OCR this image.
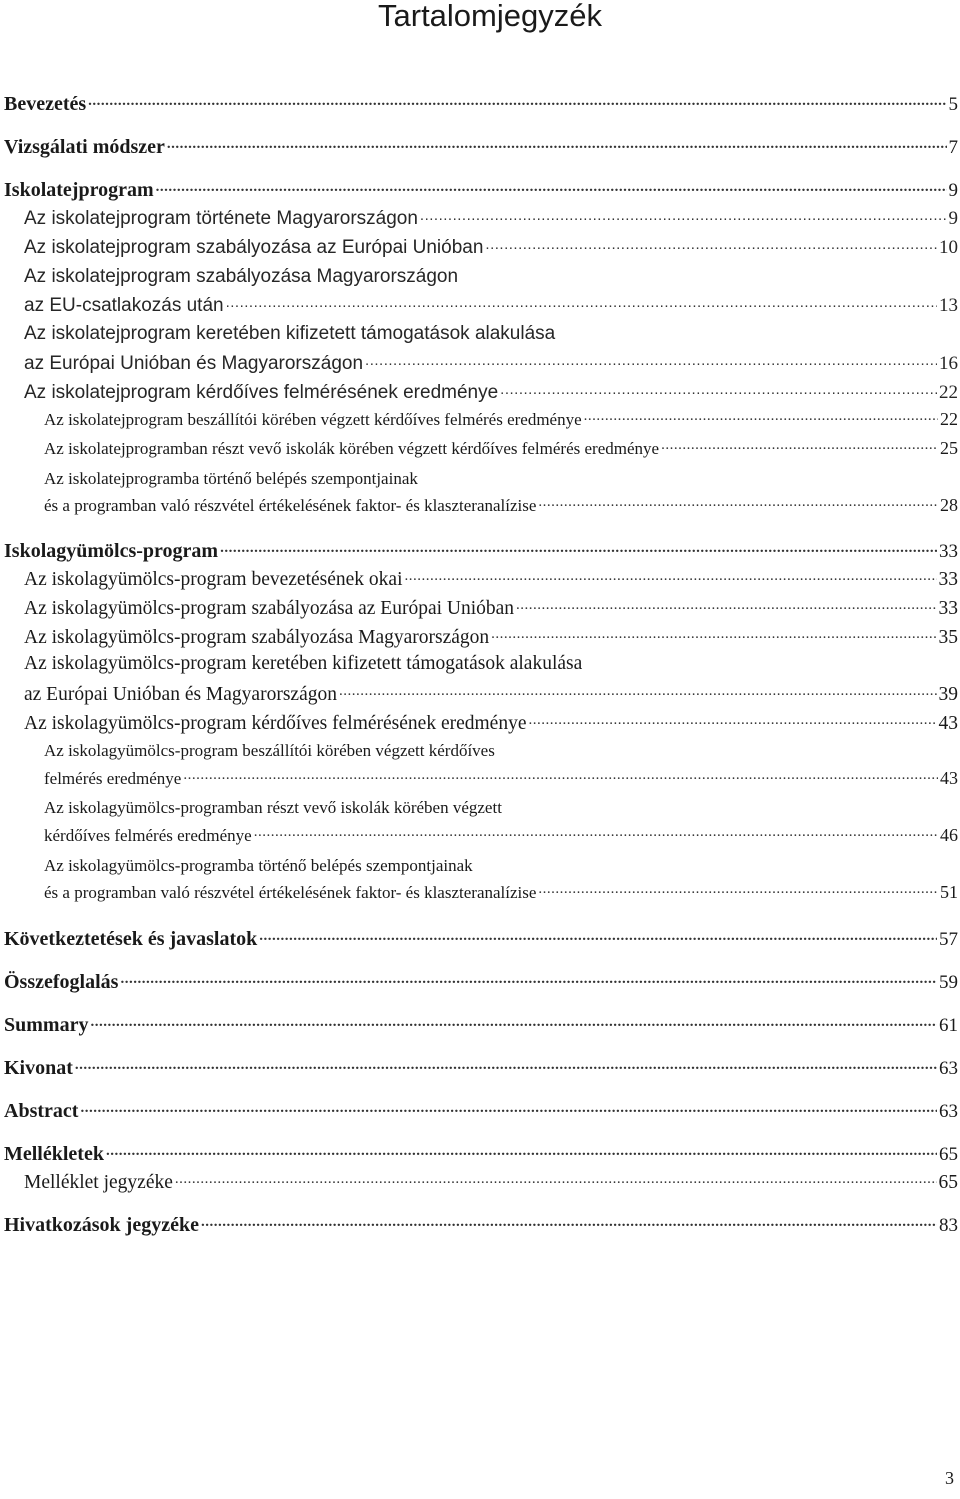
Tartalomjegyzék
Bevezetés .....	5
Vizsgálati módszer .....	7
Iskolatejprogram .....	9
Az iskolatejprogram története Magyarországon .....	9
Az iskolatejprogram szabályozása az Európai Unióban .....	10
Az iskolatejprogram szabályozása Magyarországon
az EU-csatlakozás után .....	13
Az iskolatejprogram keretében kifizetett támogatások alakulása
az Európai Unióban és Magyarországon .....	16
Az iskolatejprogram kérdőíves felmérésének eredménye .....	22
Az iskolatejprogram beszállítói körében végzett kérdőíves felmérés eredménye .....	22
Az iskolatejprogramban részt vevő iskolák körében végzett kérdőíves felmérés eredménye .....	25
Az iskolatejprogramba történő belépés szempontjainak
és a programban való részvétel értékelésének faktor- és klaszteranalízise .....	28
Iskolagyümölcs-program .....	33
Az iskolagyümölcs-program bevezetésének okai .....	33
Az iskolagyümölcs-program szabályozása az Európai Unióban .....	33
Az iskolagyümölcs-program szabályozása Magyarországon .....	35
Az iskolagyümölcs-program keretében kifizetett támogatások alakulása
az Európai Unióban és Magyarországon .....	39
Az iskolagyümölcs-program kérdőíves felmérésének eredménye .....	43
Az iskolagyümölcs-program beszállítói körében végzett kérdőíves
felmérés eredménye .....	43
Az iskolagyümölcs-programban részt vevő iskolák körében végzett
kérdőíves felmérés eredménye .....	46
Az iskolagyümölcs-programba történő belépés szempontjainak
és a programban való részvétel értékelésének faktor- és klaszteranalízise .....	51
Következtetések és javaslatok .....	57
Összefoglalás .....	59
Summary .....	61
Kivonat .....	63
Abstract .....	63
Mellékletek .....	65
Melléklet jegyzéke .....	65
Hivatkozások jegyzéke .....	83
3
